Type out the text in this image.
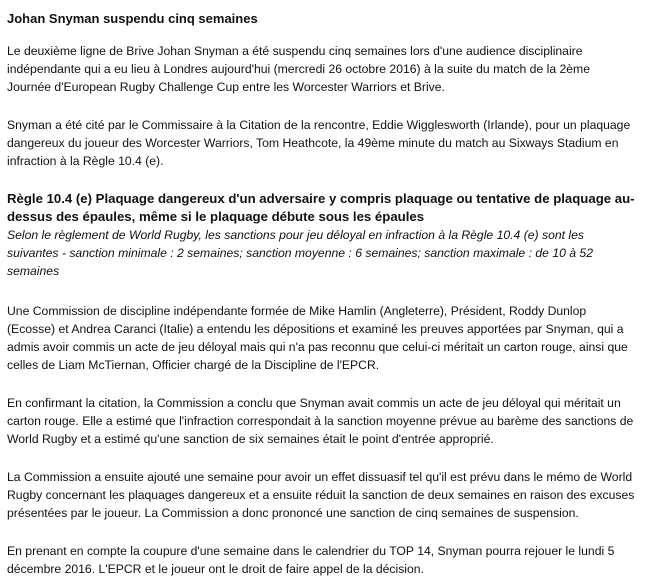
Johan Snyman suspendu cinq semaines

Le deuxième ligne de Brive Johan Snyman a été suspendu cinq semaines lors d'une audience disciplinaire indépendante qui a eu lieu à Londres aujourd'hui (mercredi 26 octobre 2016) à la suite du match de la 2ème Journée d'European Rugby Challenge Cup entre les Worcester Warriors et Brive.

Snyman a été cité par le Commissaire à la Citation de la rencontre, Eddie Wigglesworth (Irlande), pour un plaquage dangereux du joueur des Worcester Warriors, Tom Heathcote, la 49ème minute du match au Sixways Stadium en infraction à la Règle 10.4 (e).

Règle 10.4 (e) Plaquage dangereux d'un adversaire y compris plaquage ou tentative de plaquage au-dessus des épaules, même si le plaquage débute sous les épaules
Selon le règlement de World Rugby, les sanctions pour jeu déloyal en infraction à la Règle 10.4 (e) sont les suivantes - sanction minimale : 2 semaines; sanction moyenne : 6 semaines; sanction maximale : de 10 à 52 semaines

Une Commission de discipline indépendante formée de Mike Hamlin (Angleterre), Président, Roddy Dunlop (Ecosse) et Andrea Caranci (Italie) a entendu les dépositions et examiné les preuves apportées par Snyman, qui a admis avoir commis un acte de jeu déloyal mais qui n'a pas reconnu que celui-ci méritait un carton rouge, ainsi que celles de Liam McTiernan, Officier chargé de la Discipline de l'EPCR.

En confirmant la citation, la Commission a conclu que Snyman avait commis un acte de jeu déloyal qui méritait un carton rouge. Elle a estimé que l'infraction correspondait à la sanction moyenne prévue au barème des sanctions de World Rugby et a estimé qu'une sanction de six semaines était le point d'entrée approprié.

La Commission a ensuite ajouté une semaine pour avoir un effet dissuasif tel qu'il est prévu dans le mémo de World Rugby concernant les plaquages dangereux et a ensuite réduit la sanction de deux semaines en raison des excuses présentées par le joueur. La Commission a donc prononcé une sanction de cinq semaines de suspension.

En prenant en compte la coupure d'une semaine dans le calendrier du TOP 14, Snyman pourra rejouer le lundi 5 décembre 2016. L'EPCR et le joueur ont le droit de faire appel de la décision.
